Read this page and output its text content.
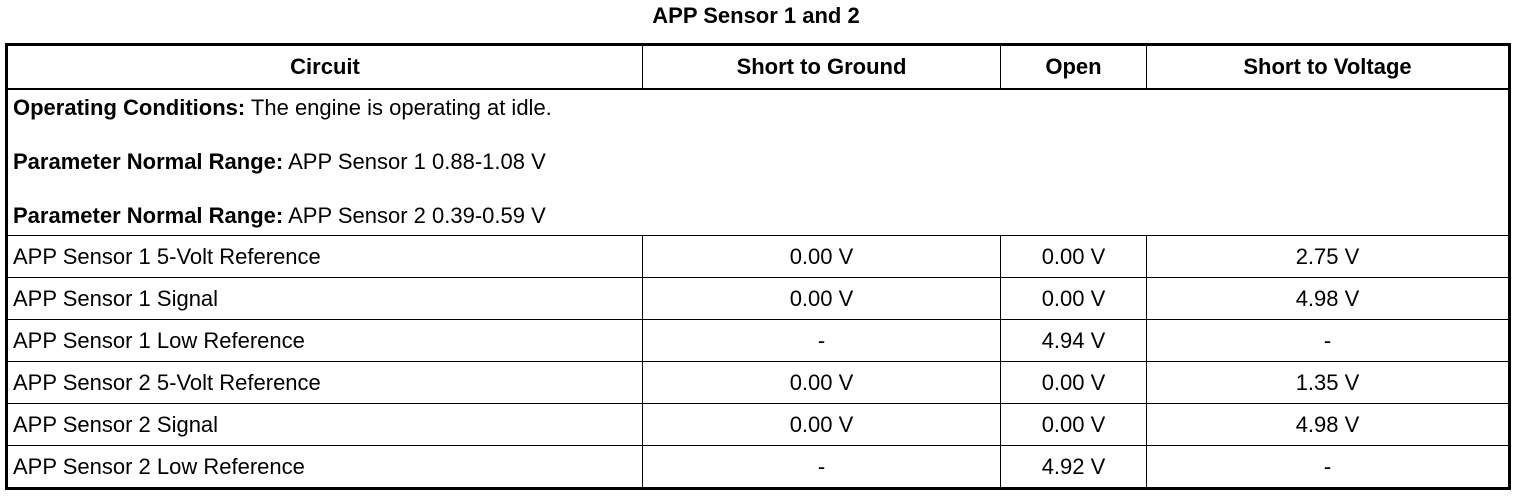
APP Sensor 1 and 2
Circuit	Short to Ground	Open	Short to Voltage

Operating Conditions: The engine is operating at idle.
Parameter Normal Range: APP Sensor 1 0.88-1.08 V
Parameter Normal Range: APP Sensor 2 0.39-0.59 V			

APP Sensor 1 5-Volt Reference	0.00 V	0.00 V	2.75 V
APP Sensor 1 Signal	0.00 V	0.00 V	4.98 V
APP Sensor 1 Low Reference	-	4.94 V	-
APP Sensor 2 5-Volt Reference	0.00 V	0.00 V	1.35 V
APP Sensor 2 Signal	0.00 V	0.00 V	4.98 V
APP Sensor 2 Low Reference	-	4.92 V	-
